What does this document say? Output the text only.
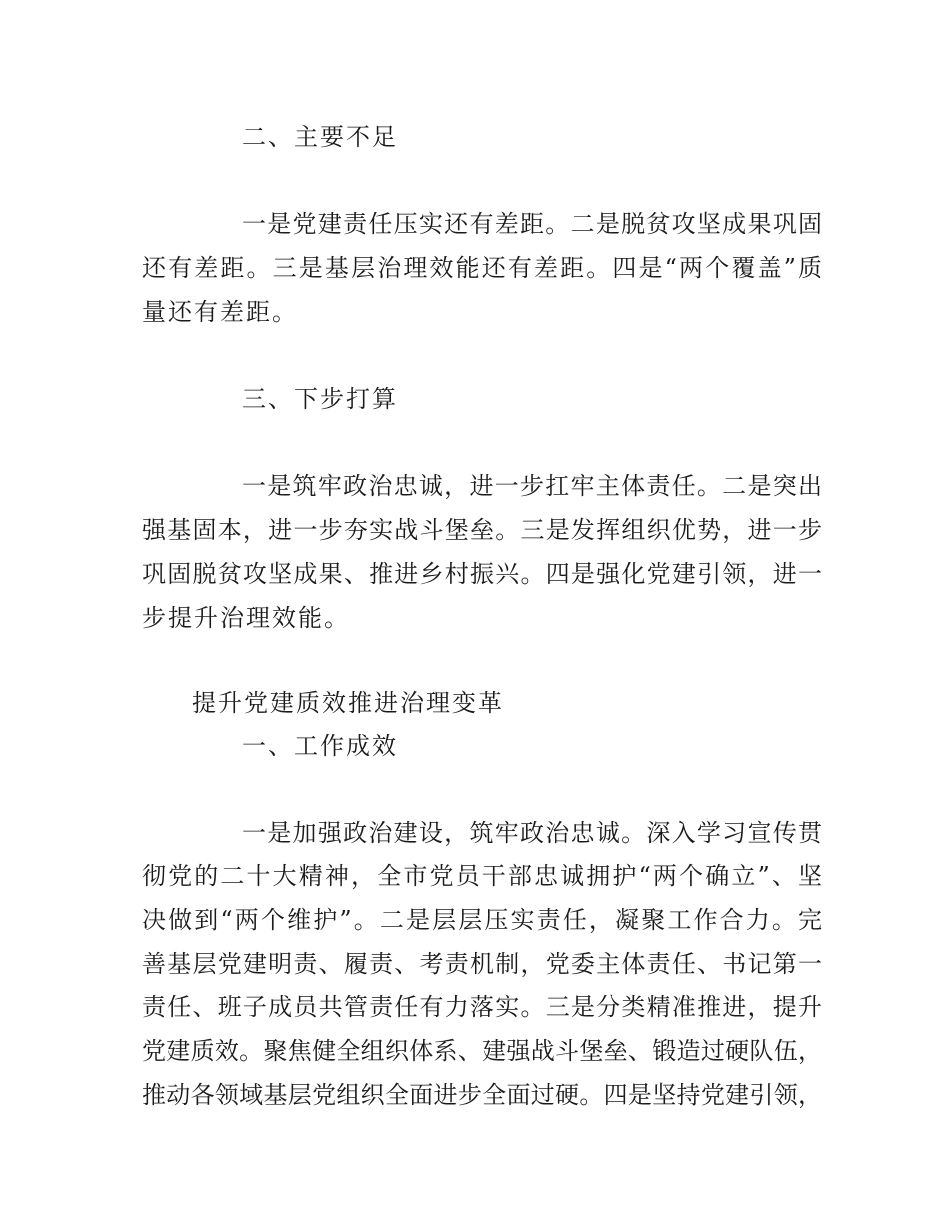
二、主要不足
一是党建责任压实还有差距。二是脱贫攻坚成果巩固
还有差距。三是基层治理效能还有差距。四是“两个覆盖”质
量还有差距。
三、下步打算
一是筑牢政治忠诚，进一步扛牢主体责任。二是突出
强基固本，进一步夯实战斗堡垒。三是发挥组织优势，进一步
巩固脱贫攻坚成果、推进乡村振兴。四是强化党建引领，进一
步提升治理效能。
提升党建质效推进治理变革
一、工作成效
一是加强政治建设，筑牢政治忠诚。深入学习宣传贯
彻党的二十大精神，全市党员干部忠诚拥护“两个确立”、坚
决做到“两个维护”。二是层层压实责任，凝聚工作合力。完
善基层党建明责、履责、考责机制，党委主体责任、书记第一
责任、班子成员共管责任有力落实。三是分类精准推进，提升
党建质效。聚焦健全组织体系、建强战斗堡垒、锻造过硬队伍，
推动各领域基层党组织全面进步全面过硬。四是坚持党建引领，
